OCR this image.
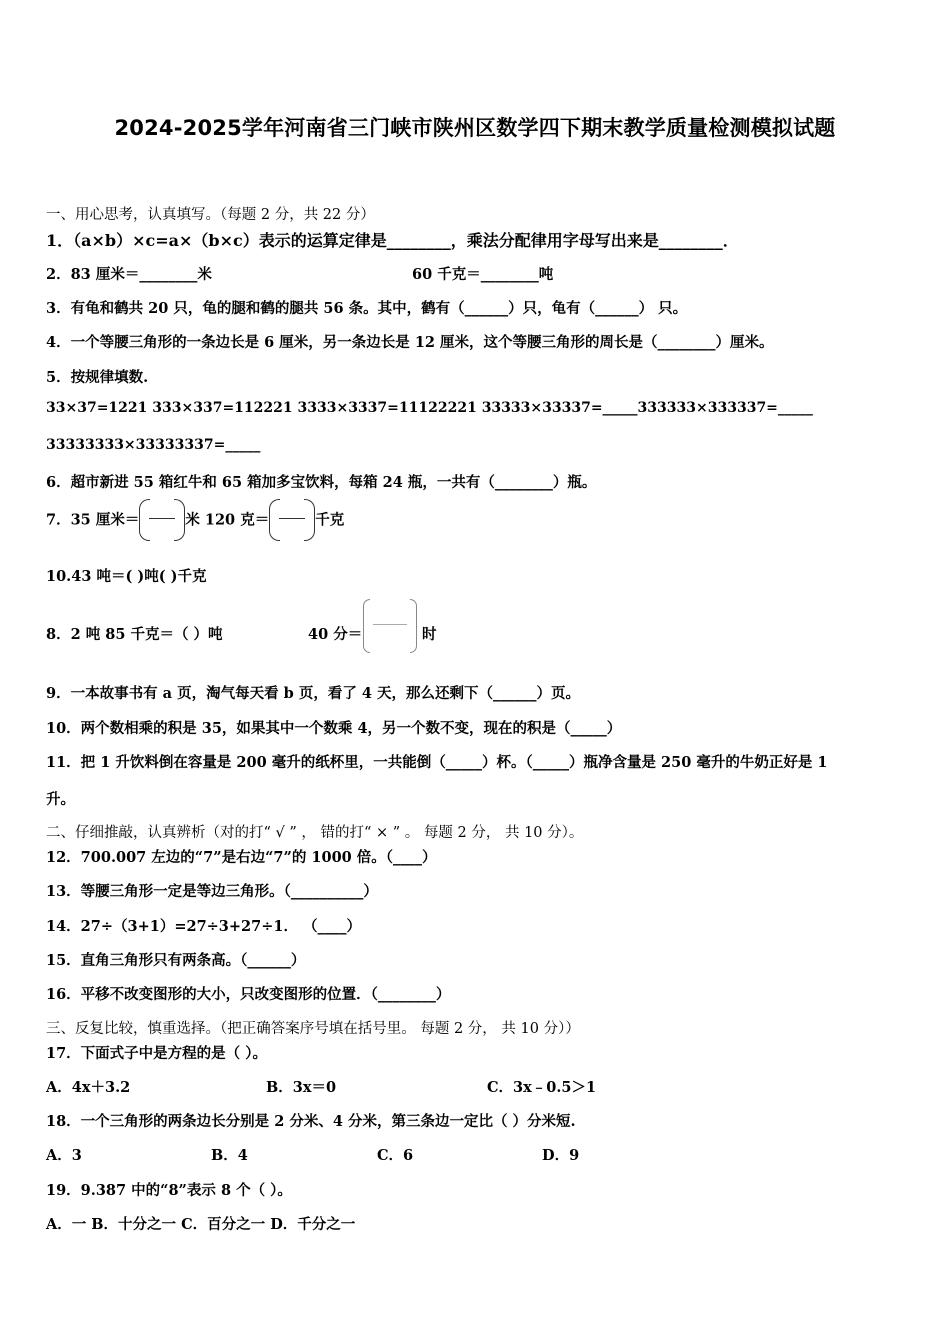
2024-2025学年河南省三门峡市陕州区数学四下期末教学质量检测模拟试题
一、用心思考，认真填写。（每题 2 分，共 22 分）
1．（a×b）×c=a×（b×c）表示的运算定律是________，乘法分配律用字母写出来是________．
2．83 厘米＝________米	60 千克＝________吨
3．有龟和鹤共 20 只，龟的腿和鹤的腿共 56 条。其中，鹤有（______）只，龟有（______） 只。
4．一个等腰三角形的一条边长是 6 厘米，另一条边长是 12 厘米，这个等腰三角形的周长是（________）厘米。
5．按规律填数.
33×37=1221 333×337=112221 3333×3337=11122221 33333×33337=_____333333×333337=_____
33333333×33333337=_____
6．超市新进 55 箱红牛和 65 箱加多宝饮料，每箱 24 瓶，一共有（________）瓶。
7．35 厘米＝	米 120 克＝	千克
10.43 吨＝( )吨( )千克
8．2 吨 85 千克＝（ ）吨	40 分＝	时
9．一本故事书有 a 页，淘气每天看 b 页，看了 4 天，那么还剩下（______）页。
10．两个数相乘的积是 35，如果其中一个数乘 4，另一个数不变，现在的积是（_____）
11．把 1 升饮料倒在容量是 200 毫升的纸杯里，一共能倒（_____）杯。（_____）瓶净含量是 250 毫升的牛奶正好是 1
升。
二、仔细推敲，认真辨析（对的打“ √ ” ， 错的打“ × ” 。 每题 2 分， 共 10 分）。
12．700.007 左边的“7”是右边“7”的 1000 倍。（____）
13．等腰三角形一定是等边三角形。（__________）
14．27÷（3+1）=27÷3+27÷1． （____）
15．直角三角形只有两条高。（______）
16．平移不改变图形的大小，只改变图形的位置．（________）
三、反复比较，慎重选择。（把正确答案序号填在括号里。 每题 2 分， 共 10 分））
17．下面式子中是方程的是（ ）。
A．4x＋3.2	B．3x＝0	C．3x﹣0.5＞1
18．一个三角形的两条边长分别是 2 分米、4 分米，第三条边一定比（ ）分米短.
A．3	B．4	C．6	D．9
19．9.387 中的“8”表示 8 个（ ）。
A．一 B．十分之一 C．百分之一 D．千分之一
